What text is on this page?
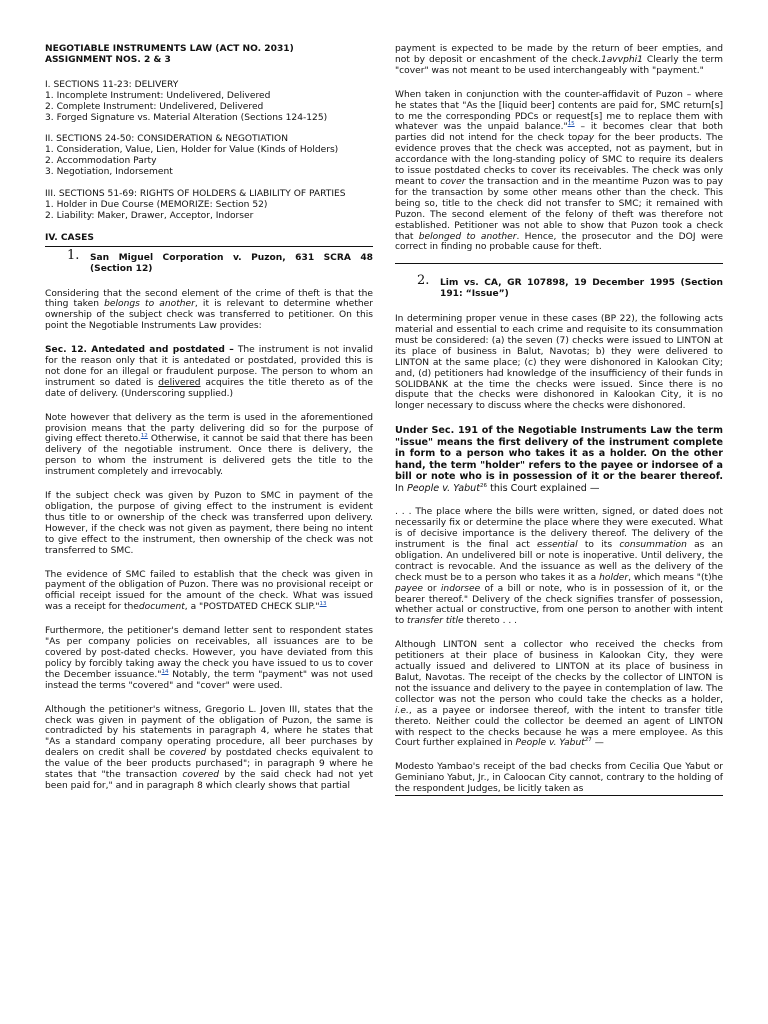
NEGOTIABLE INSTRUMENTS LAW (ACT NO. 2031)
ASSIGNMENT NOS. 2 & 3
I. SECTIONS 11-23: DELIVERY
1. Incomplete Instrument: Undelivered, Delivered
2. Complete Instrument: Undelivered, Delivered
3. Forged Signature vs. Material Alteration (Sections 124-125)
II. SECTIONS 24-50: CONSIDERATION & NEGOTIATION
1. Consideration, Value, Lien, Holder for Value (Kinds of Holders)
2. Accommodation Party
3. Negotiation, Indorsement
III. SECTIONS 51-69: RIGHTS OF HOLDERS & LIABILITY OF PARTIES
1. Holder in Due Course (MEMORIZE: Section 52)
2. Liability: Maker, Drawer, Acceptor, Indorser
IV. CASES
1. San Miguel Corporation v. Puzon, 631 SCRA 48 (Section 12)

Considering that the second element of the crime of theft is that the thing taken belongs to another, it is relevant to determine whether ownership of the subject check was transferred to petitioner. On this point the Negotiable Instruments Law provides:

Sec. 12. Antedated and postdated – The instrument is not invalid for the reason only that it is antedated or postdated, provided this is not done for an illegal or fraudulent purpose. The person to whom an instrument so dated is delivered acquires the title thereto as of the date of delivery. (Underscoring supplied.)

Note however that delivery as the term is used in the aforementioned provision means that the party delivering did so for the purpose of giving effect thereto.$^{12}$ Otherwise, it cannot be said that there has been delivery of the negotiable instrument. Once there is delivery, the person to whom the instrument is delivered gets the title to the instrument completely and irrevocably.

If the subject check was given by Puzon to SMC in payment of the obligation, the purpose of giving effect to the instrument is evident thus title to or ownership of the check was transferred upon delivery. However, if the check was not given as payment, there being no intent to give effect to the instrument, then ownership of the check was not transferred to SMC.

The evidence of SMC failed to establish that the check was given in payment of the obligation of Puzon. There was no provisional receipt or official receipt issued for the amount of the check. What was issued was a receipt for thedocument, a "POSTDATED CHECK SLIP."$^{13}$

Furthermore, the petitioner's demand letter sent to respondent states "As per company policies on receivables, all issuances are to be covered by post-dated checks. However, you have deviated from this policy by forcibly taking away the check you have issued to us to cover the December issuance."$^{14}$ Notably, the term "payment" was not used instead the terms "covered" and "cover" were used.

Although the petitioner's witness, Gregorio L. Joven III, states that the check was given in payment of the obligation of Puzon, the same is contradicted by his statements in paragraph 4, where he states that "As a standard company operating procedure, all beer purchases by dealers on credit shall be covered by postdated checks equivalent to the value of the beer products purchased"; in paragraph 9 where he states that "the transaction covered by the said check had not yet been paid for," and in paragraph 8 which clearly shows that partial

payment is expected to be made by the return of beer empties, and not by deposit or encashment of the check.1avvphi1 Clearly the term "cover" was not meant to be used interchangeably with "payment."

When taken in conjunction with the counter-affidavit of Puzon – where he states that "As the [liquid beer] contents are paid for, SMC return[s] to me the corresponding PDCs or request[s] me to replace them with whatever was the unpaid balance."$^{15}$ – it becomes clear that both parties did not intend for the check topay for the beer products. The evidence proves that the check was accepted, not as payment, but in accordance with the long-standing policy of SMC to require its dealers to issue postdated checks to cover its receivables. The check was only meant to cover the transaction and in the meantime Puzon was to pay for the transaction by some other means other than the check. This being so, title to the check did not transfer to SMC; it remained with Puzon. The second element of the felony of theft was therefore not established. Petitioner was not able to show that Puzon took a check that belonged to another. Hence, the prosecutor and the DOJ were correct in finding no probable cause for theft.

2. Lim vs. CA, GR 107898, 19 December 1995 (Section 191: “Issue”)

In determining proper venue in these cases (BP 22), the following acts material and essential to each crime and requisite to its consummation must be considered: (a) the seven (7) checks were issued to LINTON at its place of business in Balut, Navotas; b) they were delivered to LINTON at the same place; (c) they were dishonored in Kalookan City; and, (d) petitioners had knowledge of the insufficiency of their funds in SOLIDBANK at the time the checks were issued. Since there is no dispute that the checks were dishonored in Kalookan City, it is no longer necessary to discuss where the checks were dishonored.

Under Sec. 191 of the Negotiable Instruments Law the term "issue" means the first delivery of the instrument complete in form to a person who takes it as a holder. On the other hand, the term "holder" refers to the payee or indorsee of a bill or note who is in possession of it or the bearer thereof. In People v. Yabut$^{26}$ this Court explained —

. . . The place where the bills were written, signed, or dated does not necessarily fix or determine the place where they were executed. What is of decisive importance is the delivery thereof. The delivery of the instrument is the final act essential to its consummation as an obligation. An undelivered bill or note is inoperative. Until delivery, the contract is revocable. And the issuance as well as the delivery of the check must be to a person who takes it as a holder, which means "(t)he payee or indorsee of a bill or note, who is in possession of it, or the bearer thereof." Delivery of the check signifies transfer of possession, whether actual or constructive, from one person to another with intent to transfer title thereto . . .

Although LINTON sent a collector who received the checks from petitioners at their place of business in Kalookan City, they were actually issued and delivered to LINTON at its place of business in Balut, Navotas. The receipt of the checks by the collector of LINTON is not the issuance and delivery to the payee in contemplation of law. The collector was not the person who could take the checks as a holder, i.e., as a payee or indorsee thereof, with the intent to transfer title thereto. Neither could the collector be deemed an agent of LINTON with respect to the checks because he was a mere employee. As this Court further explained in People v. Yabut$^{27}$ —

Modesto Yambao's receipt of the bad checks from Cecilia Que Yabut or Geminiano Yabut, Jr., in Caloocan City cannot, contrary to the holding of the respondent Judges, be licitly taken as
